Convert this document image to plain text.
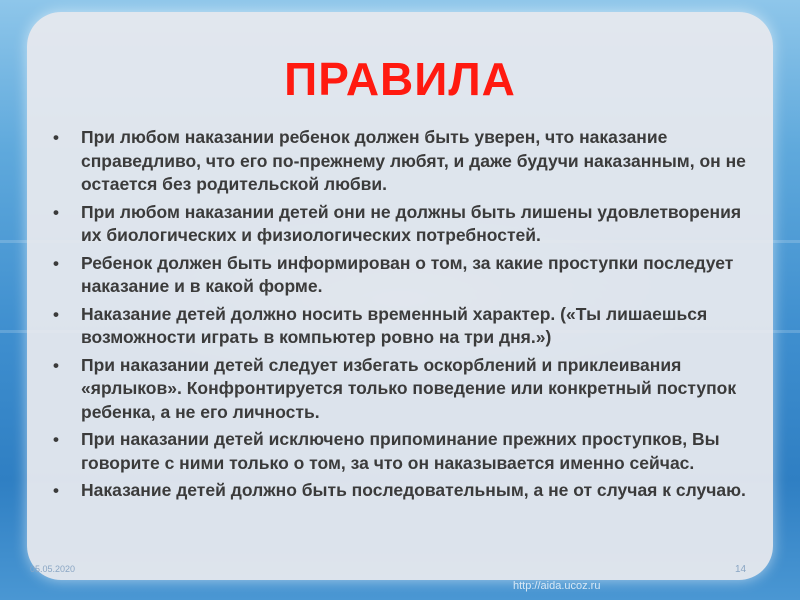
ПРАВИЛА
• При любом наказании ребенок должен быть уверен, что наказание справедливо, что его по-прежнему любят, и даже будучи наказанным, он не остается без родительской любви.
• При любом наказании детей они не должны быть лишены удовлетворения их биологических и физиологических потребностей.
• Ребенок должен быть информирован о том, за какие проступки последует наказание и в какой форме.
• Наказание детей должно носить временный характер. («Ты лишаешься возможности играть в компьютер ровно на три дня.»)
• При наказании детей следует избегать оскорблений и приклеивания «ярлыков». Конфронтируется только поведение или конкретный поступок ребенка, а не его личность.
• При наказании детей исключено припоминание прежних проступков, Вы говорите с ними только о том, за что он наказывается именно сейчас.
• Наказание детей должно быть последовательным, а не от случая к случаю.
05.05.2020	14
http://aida.ucoz.ru
